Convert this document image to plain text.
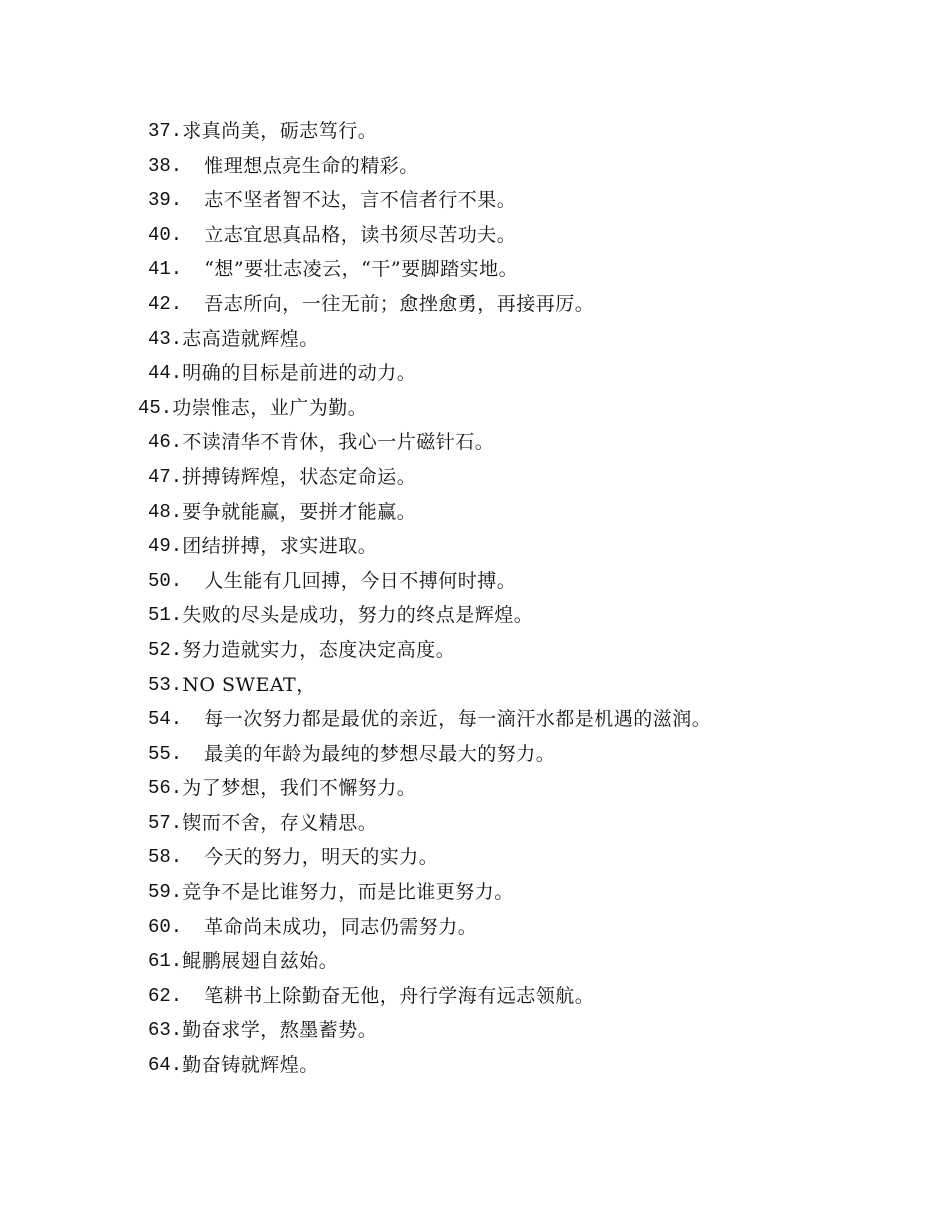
37. 求真尚美，砺志笃行。
38. 惟理想点亮生命的精彩。
39. 志不坚者智不达，言不信者行不果。
40. 立志宜思真品格，读书须尽苦功夫。
41. “想”要壮志凌云，“干”要脚踏实地。
42. 吾志所向，一往无前；愈挫愈勇，再接再厉。
43. 志高造就辉煌。
44. 明确的目标是前进的动力。
45. 功崇惟志，业广为勤。
46. 不读清华不肯休，我心一片磁针石。
47. 拼搏铸辉煌，状态定命运。
48. 要争就能赢，要拼才能赢。
49. 团结拼搏，求实进取。
50. 人生能有几回搏，今日不搏何时搏。
51. 失败的尽头是成功，努力的终点是辉煌。
52. 努力造就实力，态度决定高度。
53. NO SWEAT，
54. 每一次努力都是最优的亲近，每一滴汗水都是机遇的滋润。
55. 最美的年龄为最纯的梦想尽最大的努力。
56. 为了梦想，我们不懈努力。
57. 锲而不舍，存义精思。
58. 今天的努力，明天的实力。
59. 竞争不是比谁努力，而是比谁更努力。
60. 革命尚未成功，同志仍需努力。
61. 鲲鹏展翅自兹始。
62. 笔耕书上除勤奋无他，舟行学海有远志领航。
63. 勤奋求学，熬墨蓄势。
64. 勤奋铸就辉煌。
